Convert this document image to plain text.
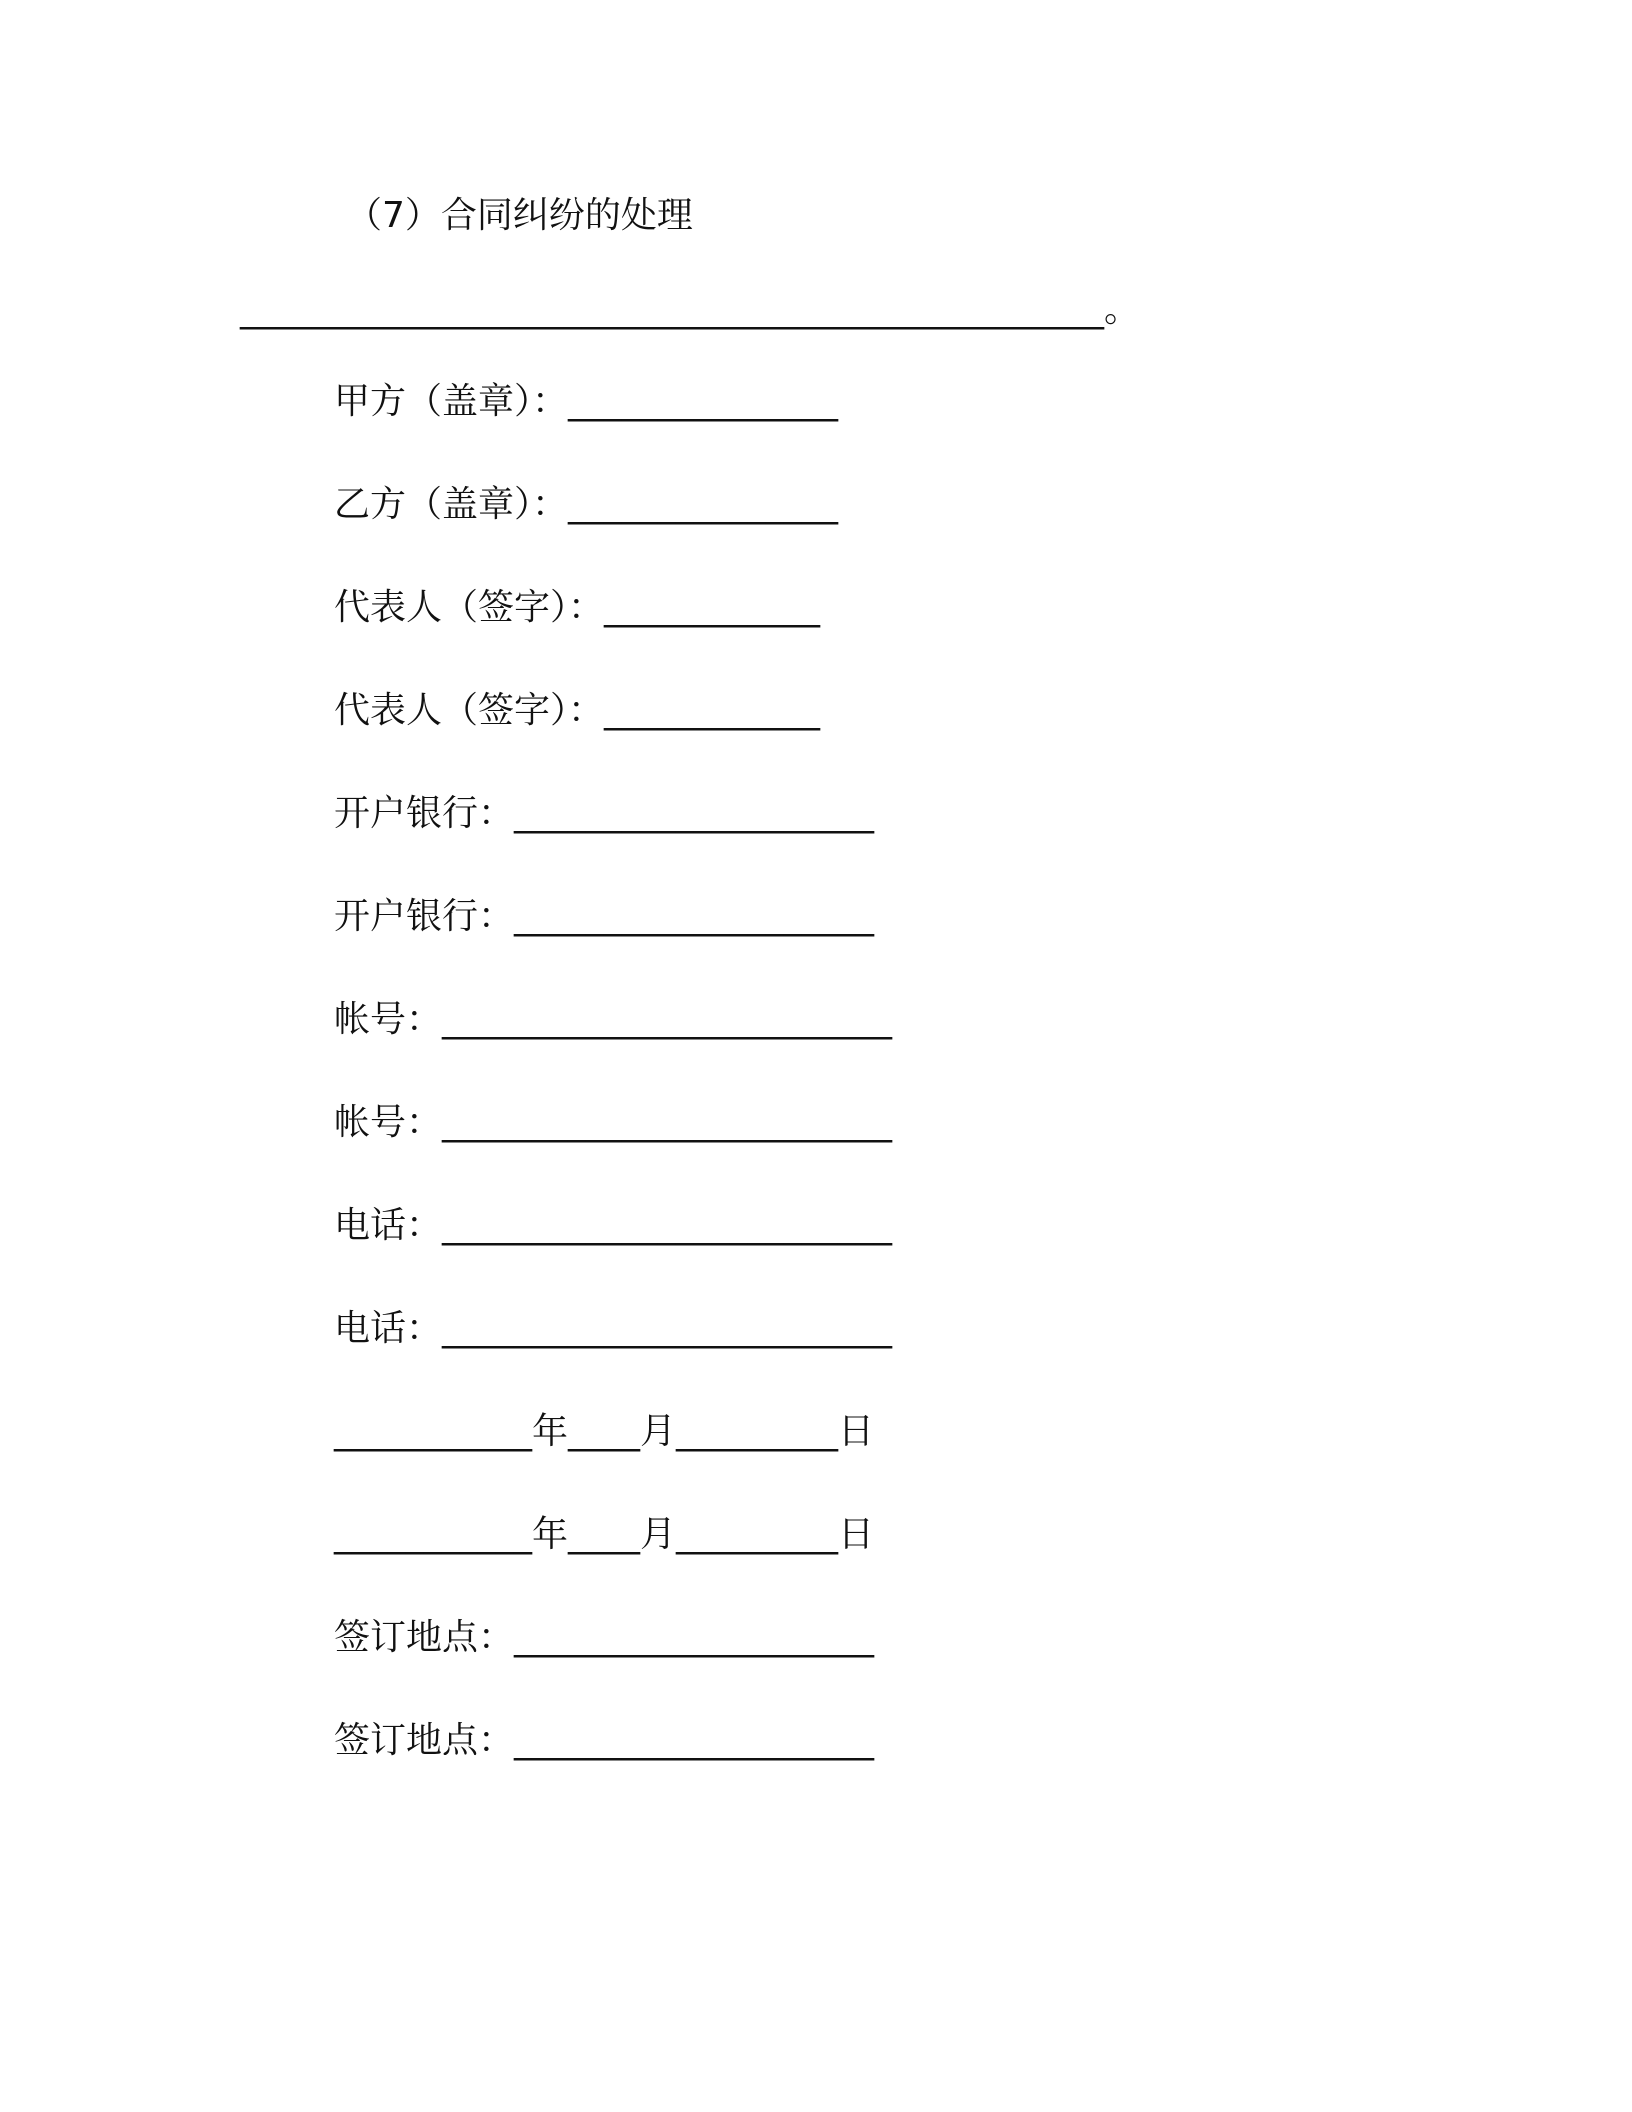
（7）合同纠纷的处理
________________________________________________。
甲方（盖章）：_______________
乙方（盖章）：_______________
代表人（签字）：____________
代表人（签字）：____________
开户银行：____________________
开户银行：____________________
帐号：_________________________
帐号：_________________________
电话：_________________________
电话：_________________________
___________年____月_________日
___________年____月_________日
签订地点：____________________
签订地点：____________________
